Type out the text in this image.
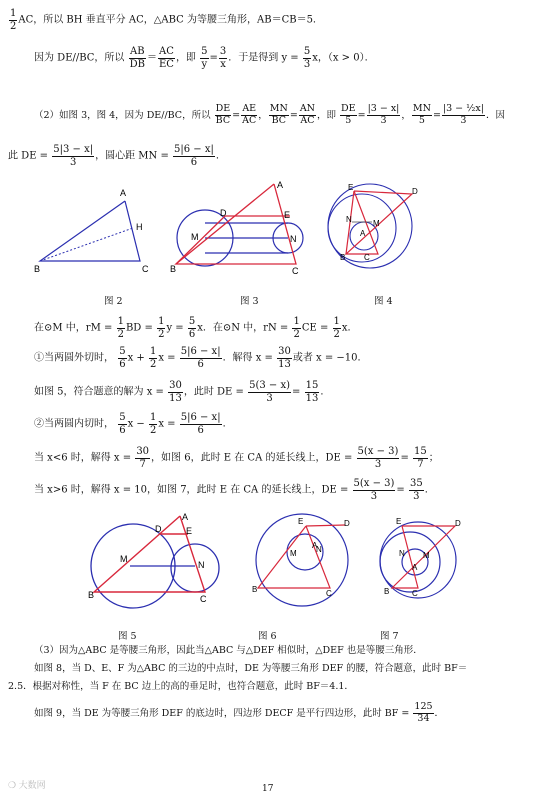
$\frac{1}{2}$ AC，所以 BH 垂直平分 AC，△ABC 为等腰三角形，AB＝CB＝5．
因为 DE//BC，所以 $\frac{AB}{DB} = \frac{AC}{EC}$ ，即 $\frac{5}{y} = \frac{3}{x}$ ．于是得到 $y = \frac{5}{3}$ x，（x > 0）．
（2）如图 3，图 4，因为 DE//BC，所以 $\frac{DE}{BC} = \frac{AE}{AC}$ ， $\frac{MN}{BC} = \frac{AN}{AC}$ ，即 $\frac{DE}{5} = \frac{|3 - x|}{3}$ ， $\frac{MN}{5} = \frac{\text{|3 − ½x|}}{3}$ ．因
此 DE = $\frac{5|3 - x|}{3}$ ，圆心距 MN = $\frac{5|6 - x|}{6}$ ．
A
H
B	C
A
D	E
M	N
B	C
E	D
N	M
A
B C
图 2	图 3	图 4
在⊙M 中，rM = $\frac{1}{2}$ BD = $\frac{1}{2}$ $y = \frac{5}{6}$ x．在⊙N 中，rN = $\frac{1}{2}$ CE = $\frac{1}{2}$ x．
①当两圆外切时， $\frac{5}{6}$ $x + \frac{1}{2}$ $x = \frac{5|6 - x|}{6}$ ．解得 $x = \frac{30}{13}$ 或者 x = −10．
如图 5，符合题意的解为 $x = \frac{30}{13}$ ，此时 DE = $\frac{5(3 - x)}{3} = \frac{15}{13}$ ．
②当两圆内切时， $\frac{5}{6}$ $x - \frac{1}{2}$ $x = \frac{5|6 - x|}{6}$ ．
当 x<6 时，解得 $x = \frac{30}{7}$ ，如图 6，此时 E 在 CA 的延长线上，DE = $\frac{5(x - 3)}{3} = \frac{15}{7}$ ；
当 x>6 时，解得 x = 10，如图 7，此时 E 在 CA 的延长线上，DE = $\frac{5(x - 3)}{3} = \frac{35}{3}$ ．
A
D	E
M
N
B	C
E	D
M N
A
B	C
E	D
N M
A
B	C
图 5	图 6	图 7
（3）因为△ABC 是等腰三角形，因此当△ABC 与△DEF 相似时，△DEF 也是等腰三角形．
如图 8，当 D、E、F 为△ABC 的三边的中点时，DE 为等腰三角形 DEF 的腰，符合题意，此时 BF＝
2.5．根据对称性，当 F 在 BC 边上的高的垂足时，也符合题意，此时 BF＝4.1．
如图 9，当 DE 为等腰三角形 DEF 的底边时，四边形 DECF 是平行四边形，此时 BF = $\frac{125}{34}$ ．
❍ 大数网	17
